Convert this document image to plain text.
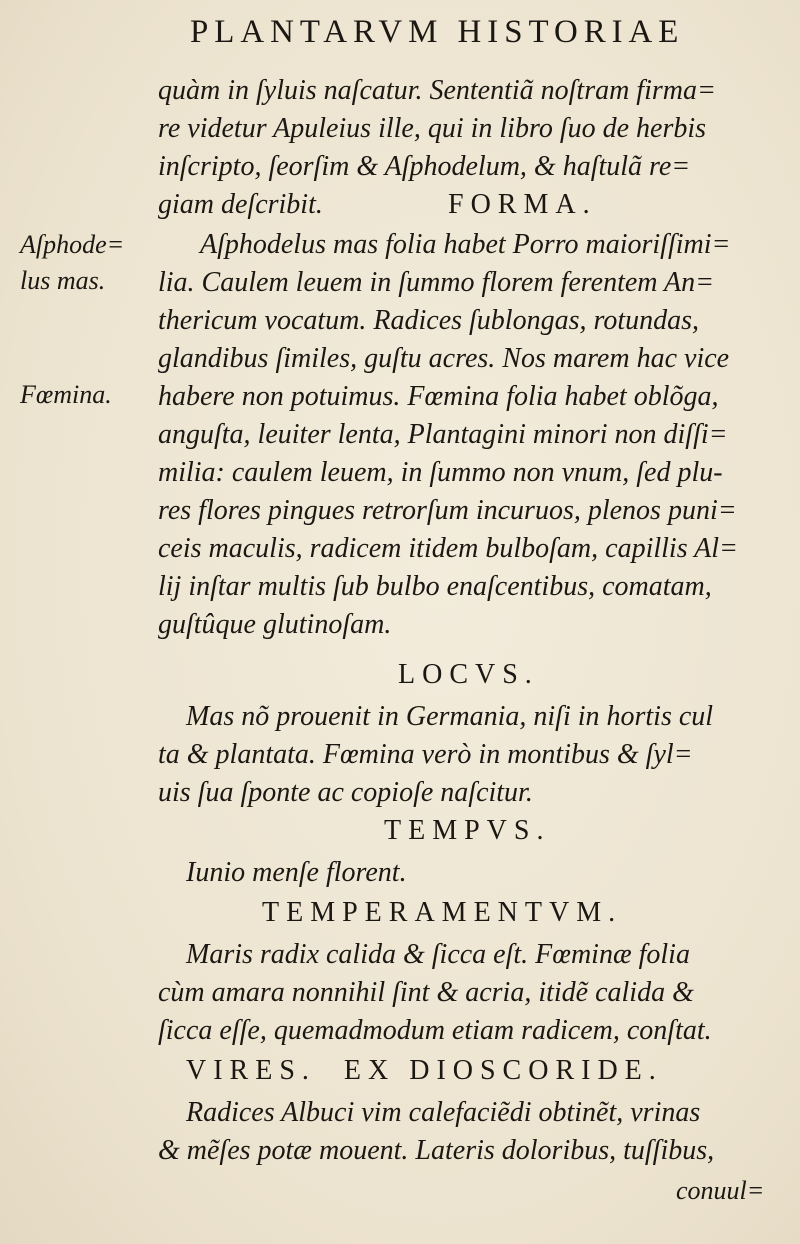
PLANTARVM HISTORIAE
quàm in ſyluis naſcatur. Sententiã noſtram firma=
re videtur Apuleius ille, qui in libro ſuo de herbis
inſcripto, ſeorſim & Aſphodelum, & haſtulã re=
giam deſcribit.	FORMA.
Aſphode=
lus mas.
Fœmina.
Aſphodelus mas folia habet Porro maioriſſimi=
lia. Caulem leuem in ſummo florem ferentem An=
thericum vocatum. Radices ſublongas, rotundas,
glandibus ſimiles, guſtu acres. Nos marem hac vice
habere non potuimus. Fœmina folia habet oblõga,
anguſta, leuiter lenta, Plantagini minori non diſſi=
milia: caulem leuem, in ſummo non vnum, ſed plu-
res flores pingues retrorſum incuruos, plenos puni=
ceis maculis, radicem itidem bulboſam, capillis Al=
lij inſtar multis ſub bulbo enaſcentibus, comatam,
guſtûque glutinoſam.
LOCVS.
Mas nõ prouenit in Germania, niſi in hortis cul
ta & plantata. Fœmina verò in montibus & ſyl=
uis ſua ſponte ac copioſe naſcitur.
TEMPVS.
Iunio menſe florent.
TEMPERAMENTVM.
Maris radix calida & ſicca eſt. Fœminæ folia
cùm amara nonnihil ſint & acria, itidẽ calida &
ſicca eſſe, quemadmodum etiam radicem, conſtat.
VIRES.  EX DIOSCORIDE.
Radices Albuci vim calefaciẽdi obtinẽt, vrinas
& mẽſes potæ mouent. Lateris doloribus, tuſſibus,
conuul=
